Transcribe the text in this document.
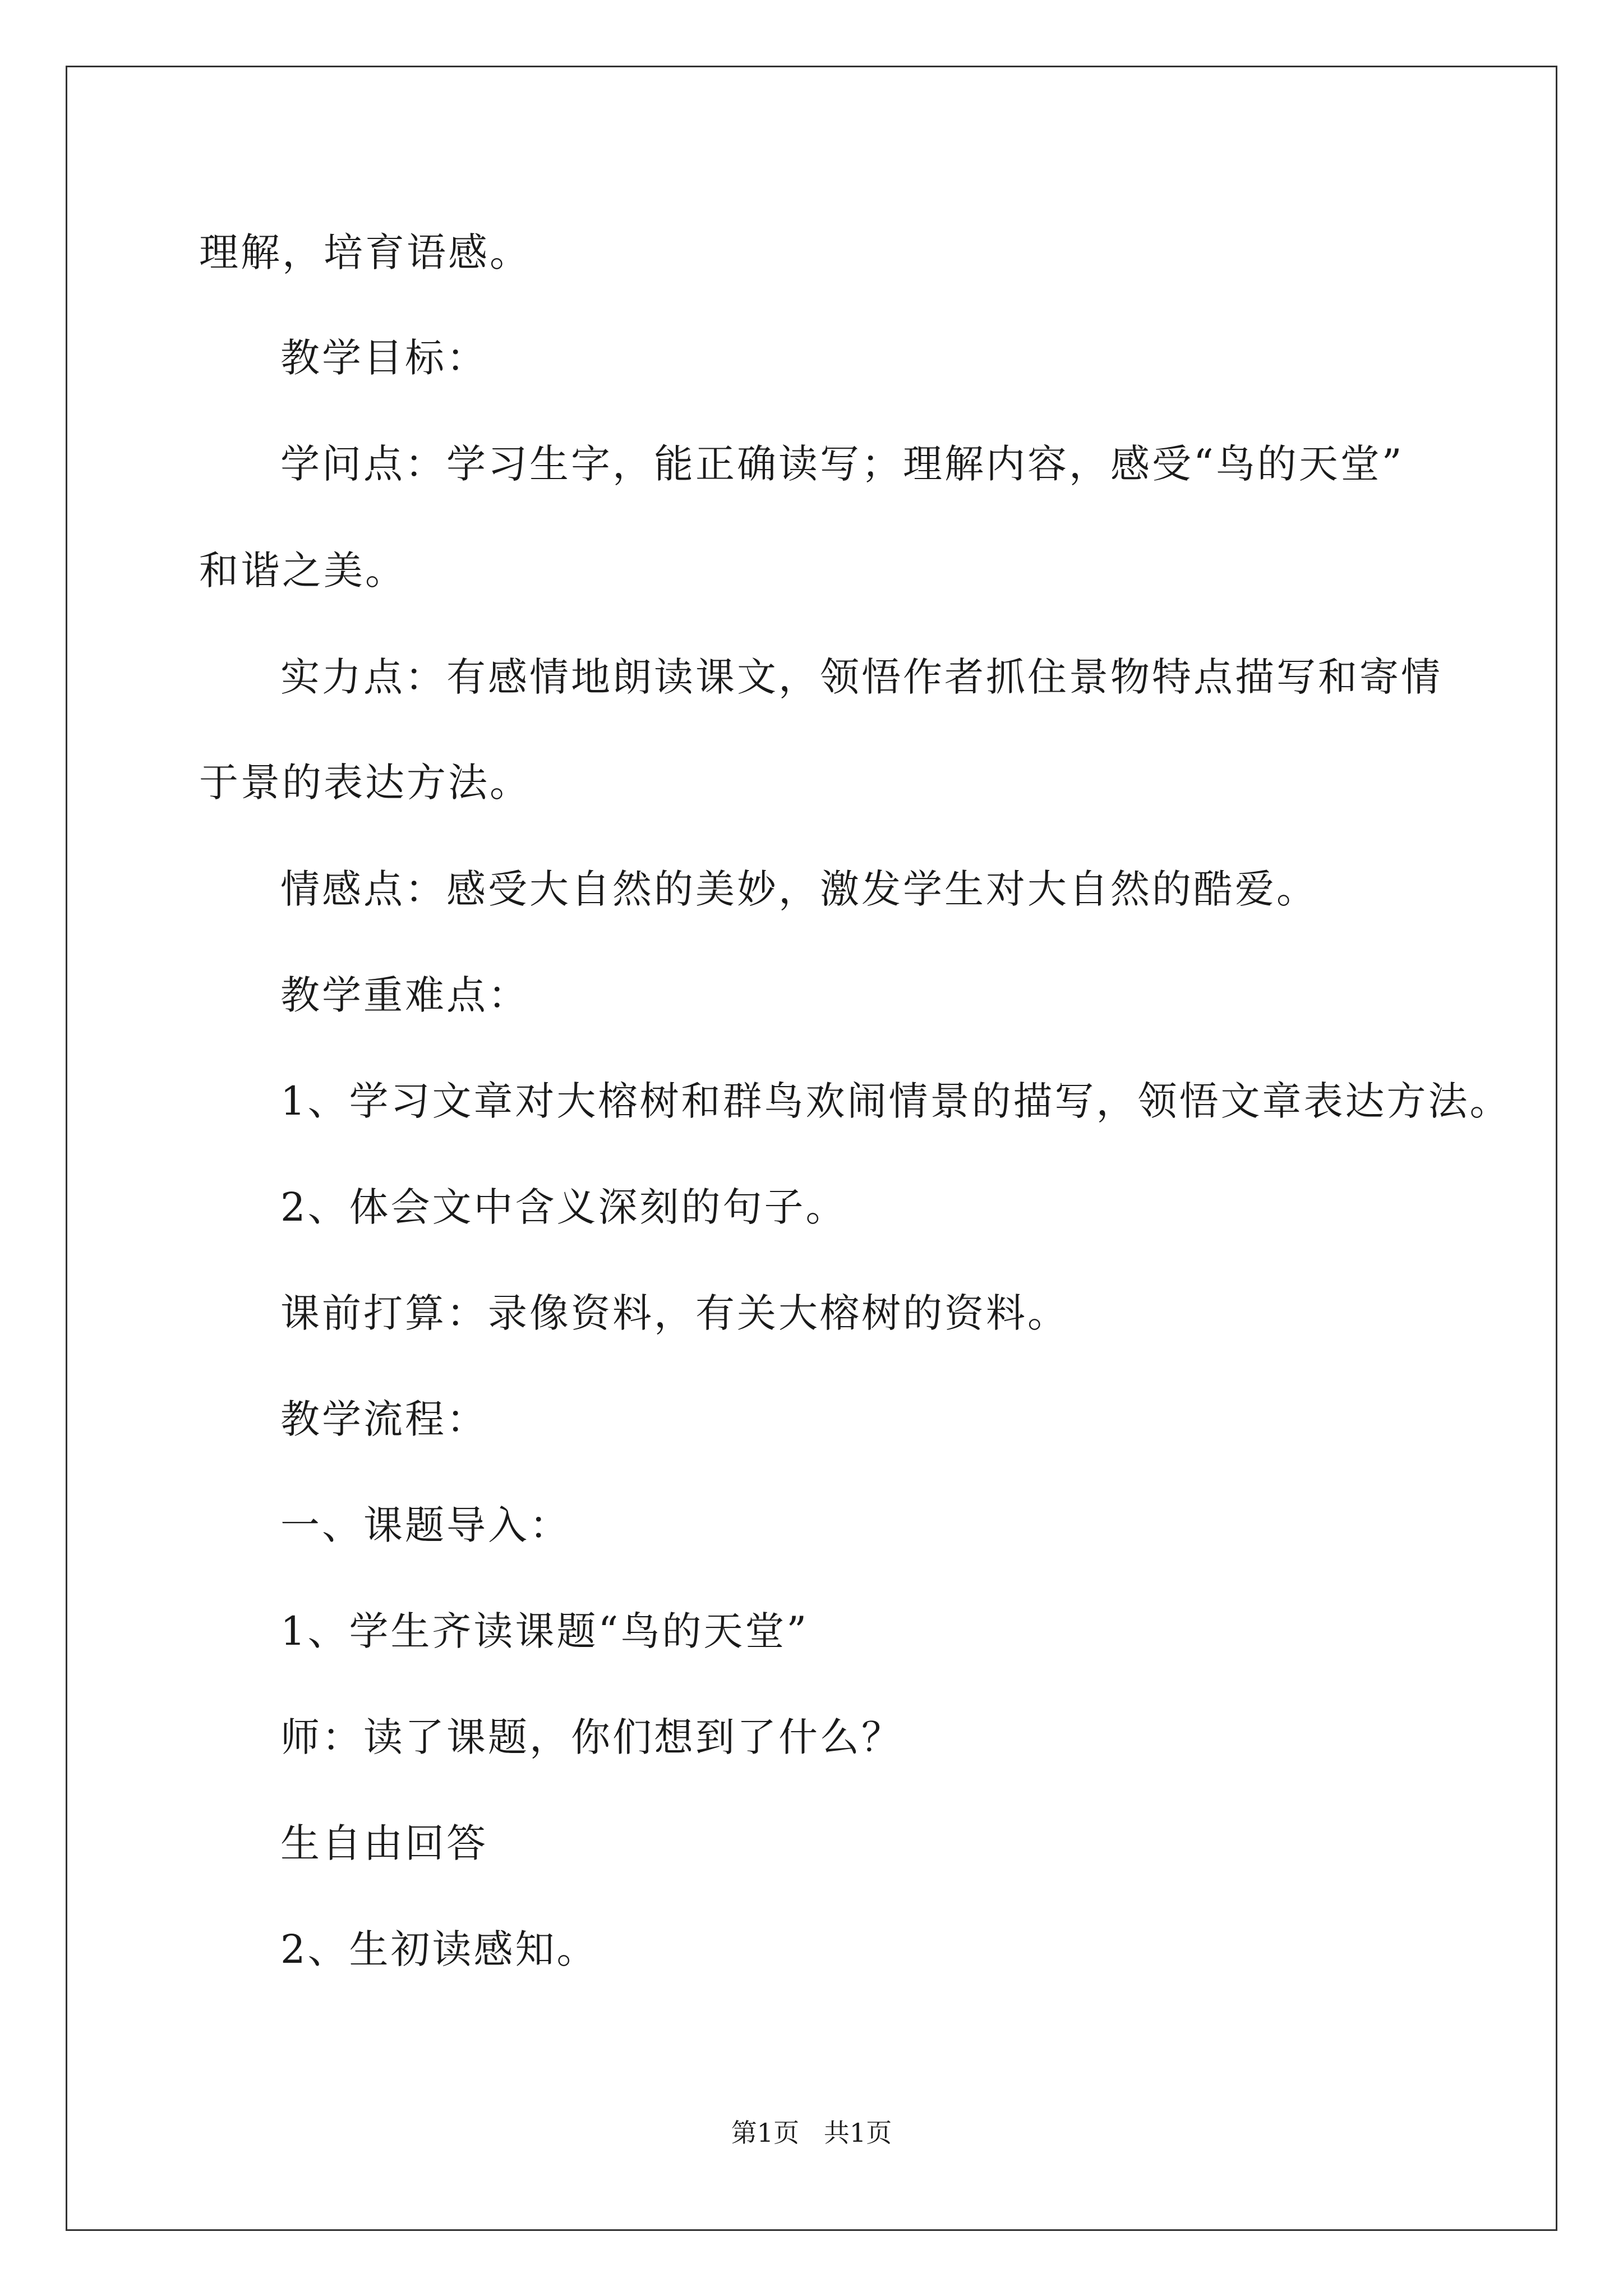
理解，培育语感。

教学目标：

学问点：学习生字，能正确读写；理解内容，感受“鸟的天堂”

和谐之美。

实力点：有感情地朗读课文，领悟作者抓住景物特点描写和寄情

于景的表达方法。

情感点：感受大自然的美妙，激发学生对大自然的酷爱。

教学重难点：

1、学习文章对大榕树和群鸟欢闹情景的描写，领悟文章表达方法。

2、体会文中含义深刻的句子。

课前打算：录像资料，有关大榕树的资料。

教学流程：

一、课题导入：

1、学生齐读课题“鸟的天堂”

师：读了课题，你们想到了什么？

生自由回答

2、生初读感知。

第1页   共1页
